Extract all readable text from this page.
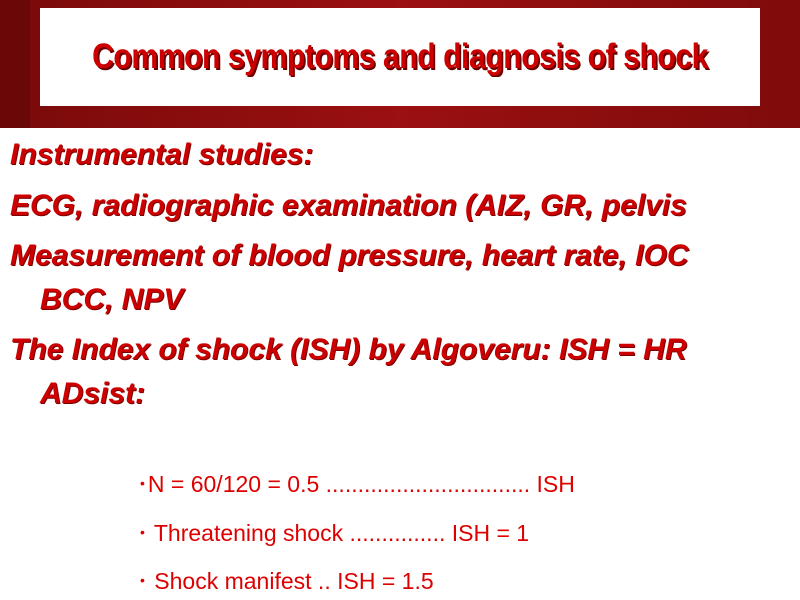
Common symptoms and diagnosis of shock
Instrumental studies:
ECG, radiographic examination (AIZ, GR, pelvis
Measurement of blood pressure, heart rate, IOC
BCC, NPV
The Index of shock (ISH) by Algoveru: ISH = HR
ADsist:
• N = 60/120 = 0.5 ................................ ISH
• Threatening shock ............... ISH = 1
• Shock manifest .. ISH = 1.5
